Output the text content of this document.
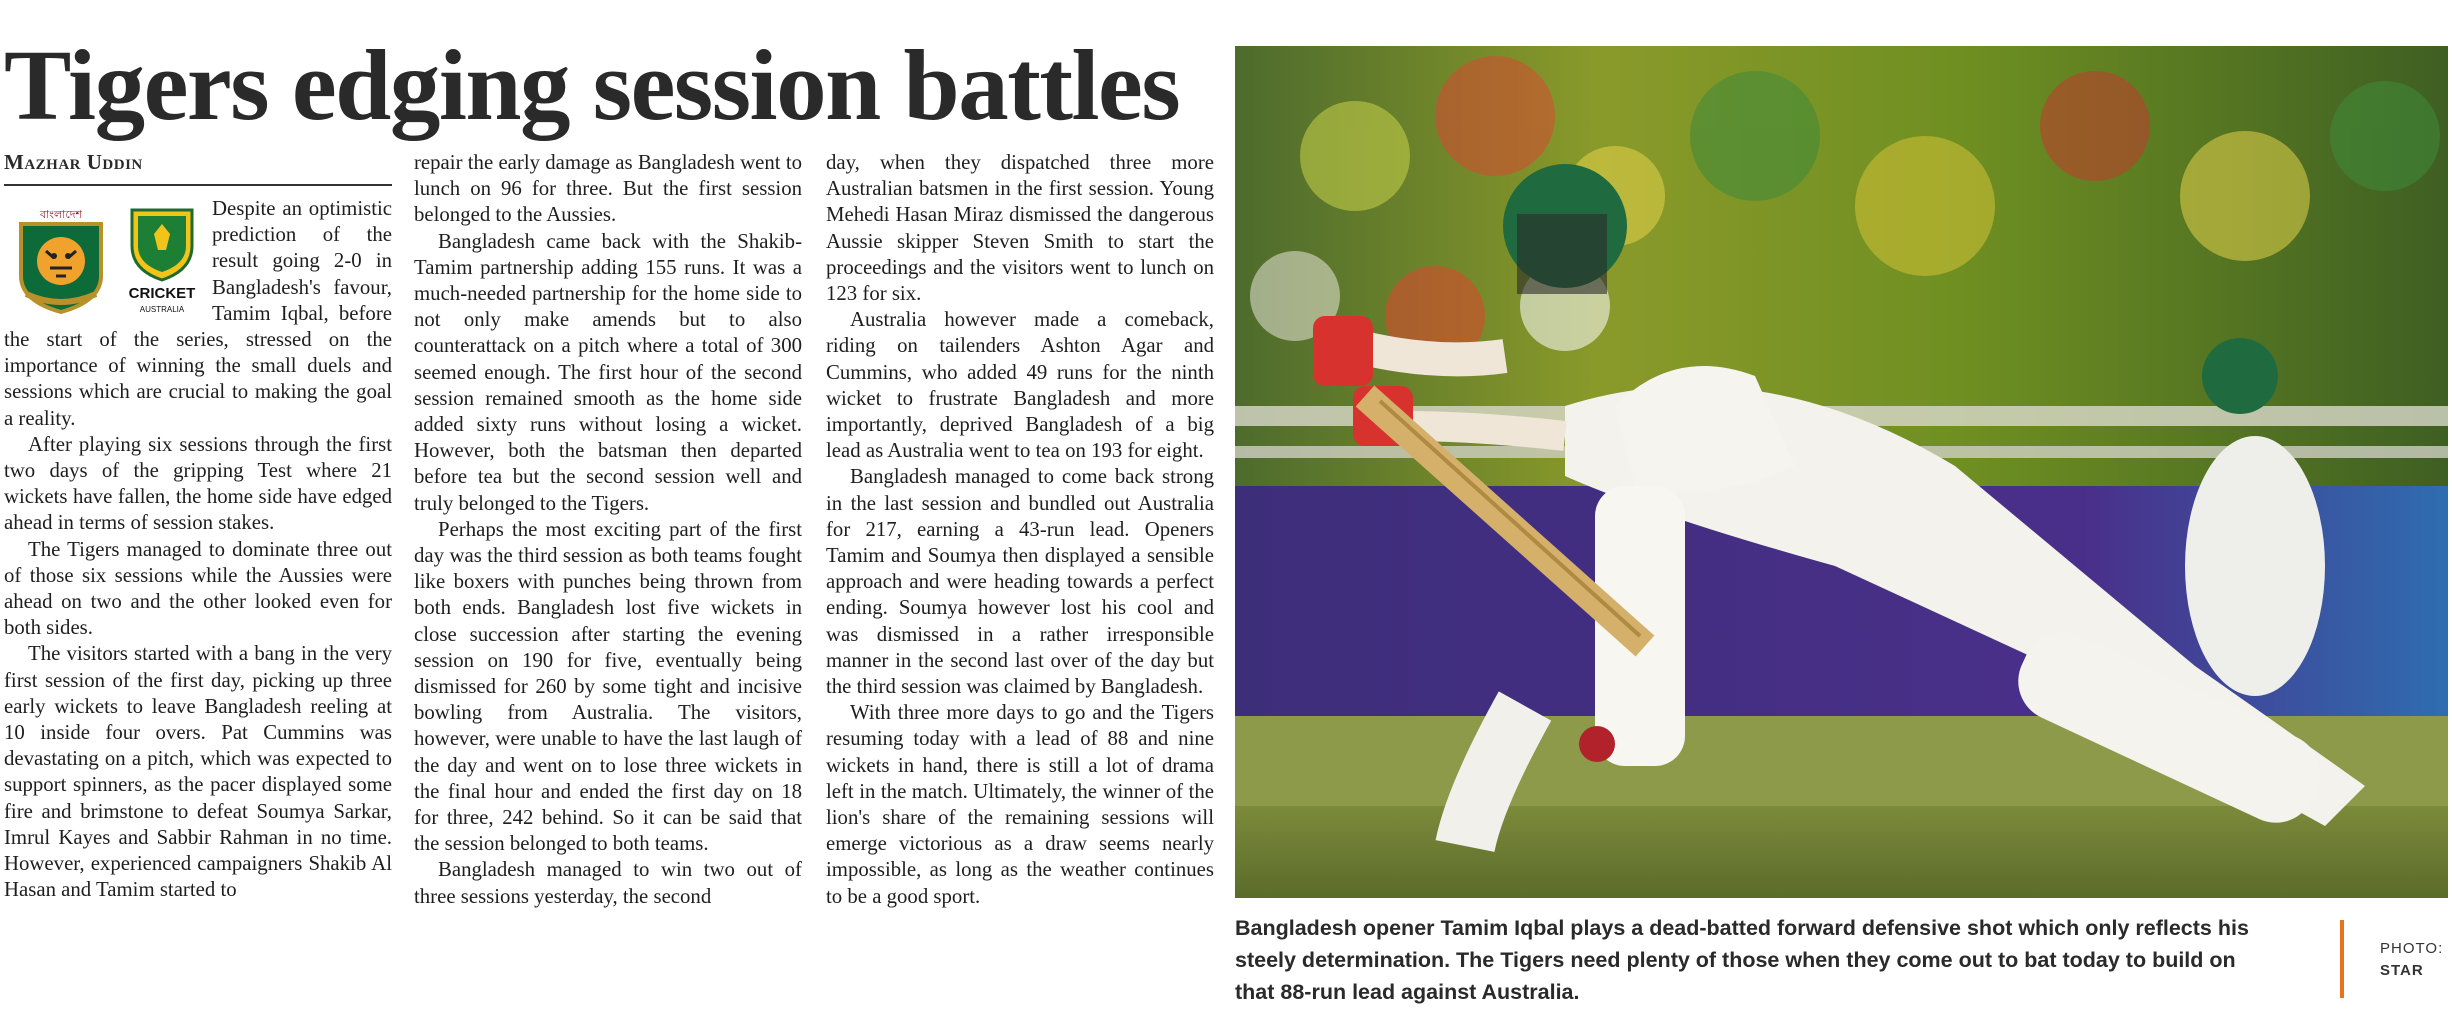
Tigers edging session battles
Mazhar Uddin
বাংলাদেশ
CRICKET
AUSTRALIA

Despite an optimistic prediction of the result going 2-0 in Bangladesh's favour, Tamim Iqbal, before the start of the series, stressed on the importance of winning the small duels and sessions which are crucial to making the goal a reality.

After playing six sessions through the first two days of the gripping Test where 21 wickets have fallen, the home side have edged ahead in terms of session stakes.

The Tigers managed to dominate three out of those six sessions while the Aussies were ahead on two and the other looked even for both sides.

The visitors started with a bang in the very first session of the first day, picking up three early wickets to leave Bangladesh reeling at 10 inside four overs. Pat Cummins was devastating on a pitch, which was expected to support spinners, as the pacer displayed some fire and brimstone to defeat Soumya Sarkar, Imrul Kayes and Sabbir Rahman in no time. However, experienced campaigners Shakib Al Hasan and Tamim started to

repair the early damage as Bangladesh went to lunch on 96 for three. But the first session belonged to the Aussies.

Bangladesh came back with the Shakib-Tamim partnership adding 155 runs. It was a much-needed partnership for the home side to not only make amends but to also counterattack on a pitch where a total of 300 seemed enough. The first hour of the second session remained smooth as the home side added sixty runs without losing a wicket. However, both the batsman then departed before tea but the second session well and truly belonged to the Tigers.

Perhaps the most exciting part of the first day was the third session as both teams fought like boxers with punches being thrown from both ends. Bangladesh lost five wickets in close succession after starting the evening session on 190 for five, eventually being dismissed for 260 by some tight and incisive bowling from Australia. The visitors, however, were unable to have the last laugh of the day and went on to lose three wickets in the final hour and ended the first day on 18 for three, 242 behind. So it can be said that the session belonged to both teams.

Bangladesh managed to win two out of three sessions yesterday, the second

day, when they dispatched three more Australian batsmen in the first session. Young Mehedi Hasan Miraz dismissed the dangerous Aussie skipper Steven Smith to start the proceedings and the visitors went to lunch on 123 for six.

Australia however made a comeback, riding on tailenders Ashton Agar and Cummins, who added 49 runs for the ninth wicket to frustrate Bangladesh and more importantly, deprived Bangladesh of a big lead as Australia went to tea on 193 for eight.

Bangladesh managed to come back strong in the last session and bundled out Australia for 217, earning a 43-run lead. Openers Tamim and Soumya then displayed a sensible approach and were heading towards a perfect ending. Soumya however lost his cool and was dismissed in a rather irresponsible manner in the second last over of the day but the third session was claimed by Bangladesh.

With three more days to go and the Tigers resuming today with a lead of 88 and nine wickets in hand, there is still a lot of drama left in the match. Ultimately, the winner of the lion's share of the remaining sessions will emerge victorious as a draw seems nearly impossible, as long as the weather continues to be a good sport.

Bangladesh opener Tamim Iqbal plays a dead-batted forward defensive shot which only reflects his steely determination. The Tigers need plenty of those when they come out to bat today to build on that 88-run lead against Australia.
PHOTO:
STAR
